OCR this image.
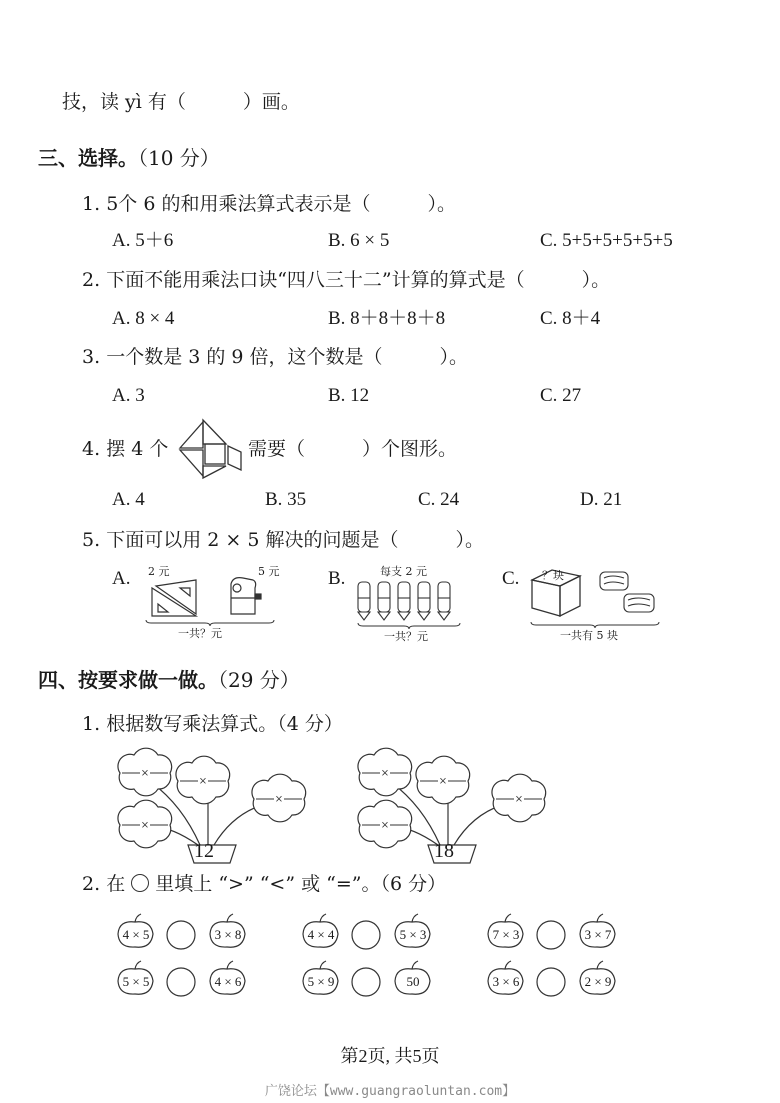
技，读 yì 有（　　　）画。
三、选择。（10 分）
1. 5个 6 的和用乘法算式表示是（　　　）。
A. 5＋6	B. 6 × 5	C. 5+5+5+5+5+5
2. 下面不能用乘法口诀“四八三十二”计算的算式是（　　　）。
A. 8 × 4	B. 8＋8＋8＋8	C. 8＋4
3. 一个数是 3 的 9 倍，这个数是（　　　）。
A. 3	B. 12	C. 27
4. 摆 4 个	需要（　　　）个图形。
A. 4	B. 35	C. 24	D. 21
5. 下面可以用 2 × 5 解决的问题是（　　　）。
A. 2 元	5 元
一共？元
B.	每支 2 元
一共？元
C. ？块
一共有 5 块
四、按要求做一做。（29 分）
1. 根据数写乘法算式。（4 分）
×
×
×
×
12
×
×
×
×
18
2. 在 里填上 “>” “<” 或 “=”。（6 分）
4 × 5	3 × 8	4 × 4	5 × 3	7 × 3	3 × 7
5 × 5	4 × 6	5 × 9	50	3 × 6	2 × 9
第2页, 共5页
广饶论坛【www.guangraoluntan.com】
